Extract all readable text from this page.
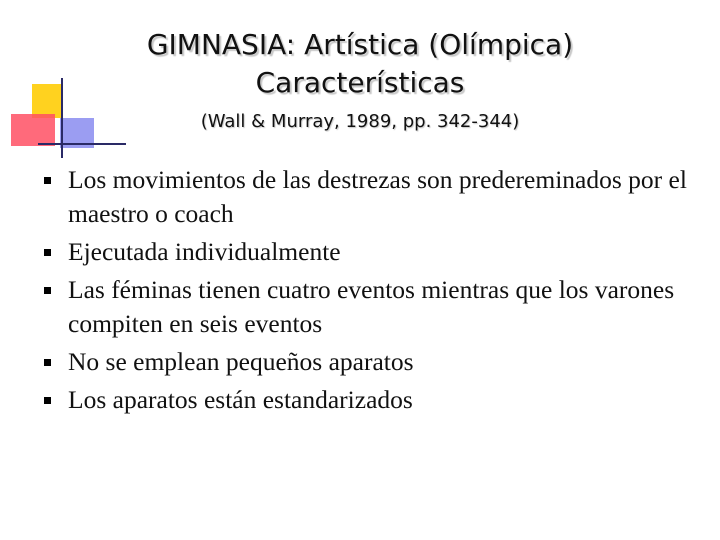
GIMNASIA: Artística (Olímpica)
Características
(Wall & Murray, 1989, pp. 342-344)
Los movimientos de las destrezas son predereminados por el maestro o coach
Ejecutada individualmente
Las féminas tienen cuatro eventos mientras que los varones compiten en seis eventos
No se emplean pequeños aparatos
Los aparatos están estandarizados
